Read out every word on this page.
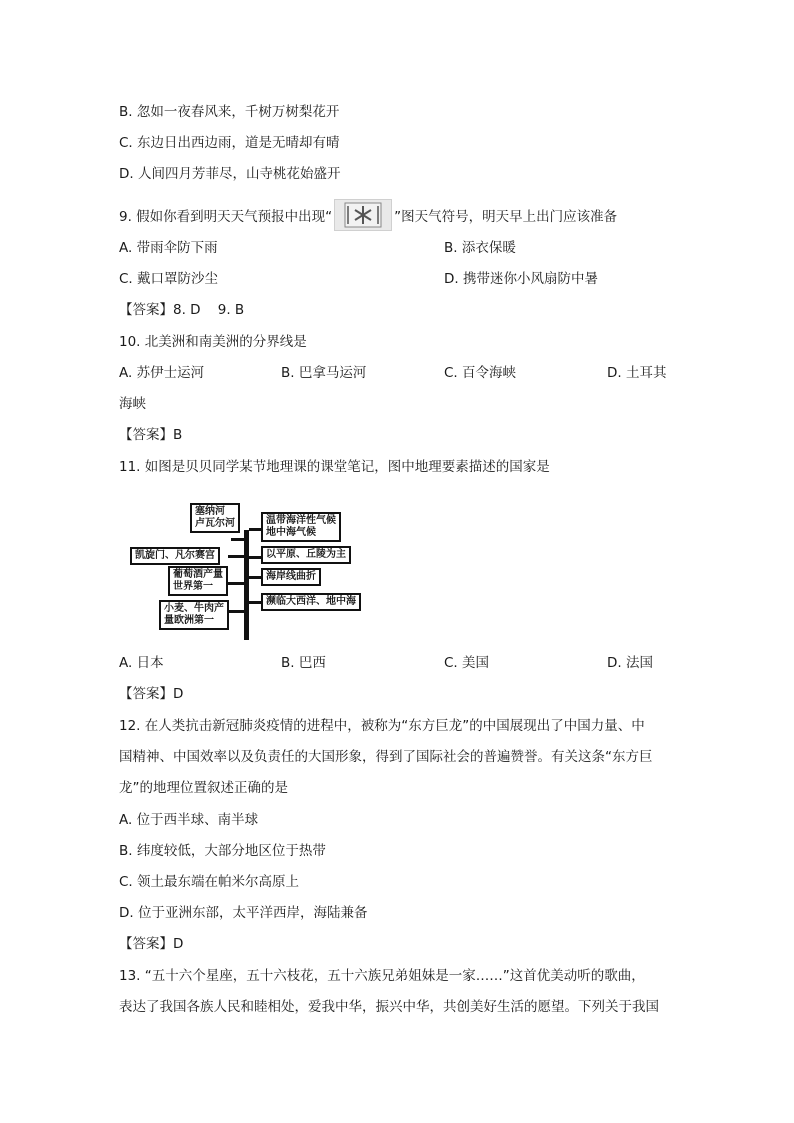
B. 忽如一夜春风来，千树万树梨花开
C. 东边日出西边雨，道是无晴却有晴
D. 人间四月芳菲尽，山寺桃花始盛开
9. 假如你看到明天天气预报中出现“	”图天气符号，明天早上出门应该准备
A. 带雨伞防下雨	B. 添衣保暖
C. 戴口罩防沙尘	D. 携带迷你小风扇防中暑
【答案】8. D    9. B
10. 北美洲和南美洲的分界线是
A. 苏伊士运河	B. 巴拿马运河	C. 百令海峡	D. 土耳其
海峡
【答案】B
11. 如图是贝贝同学某节地理课的课堂笔记，图中地理要素描述的国家是
塞纳河
卢瓦尔河	温带海洋性气候
地中海气候
凯旋门、凡尔赛宫	以平原、丘陵为主
葡萄酒产量
世界第一
海岸线曲折
濒临大西洋、地中海
小麦、牛肉产
量欧洲第一
A. 日本	B. 巴西	C. 美国	D. 法国
【答案】D
12. 在人类抗击新冠肺炎疫情的进程中，被称为“东方巨龙”的中国展现出了中国力量、中
国精神、中国效率以及负责任的大国形象，得到了国际社会的普遍赞誉。有关这条“东方巨
龙”的地理位置叙述正确的是
A. 位于西半球、南半球
B. 纬度较低，大部分地区位于热带
C. 领土最东端在帕米尔高原上
D. 位于亚洲东部，太平洋西岸，海陆兼备
【答案】D
13. “五十六个星座，五十六枝花，五十六族兄弟姐妹是一家……”这首优美动听的歌曲，
表达了我国各族人民和睦相处，爱我中华，振兴中华，共创美好生活的愿望。下列关于我国
